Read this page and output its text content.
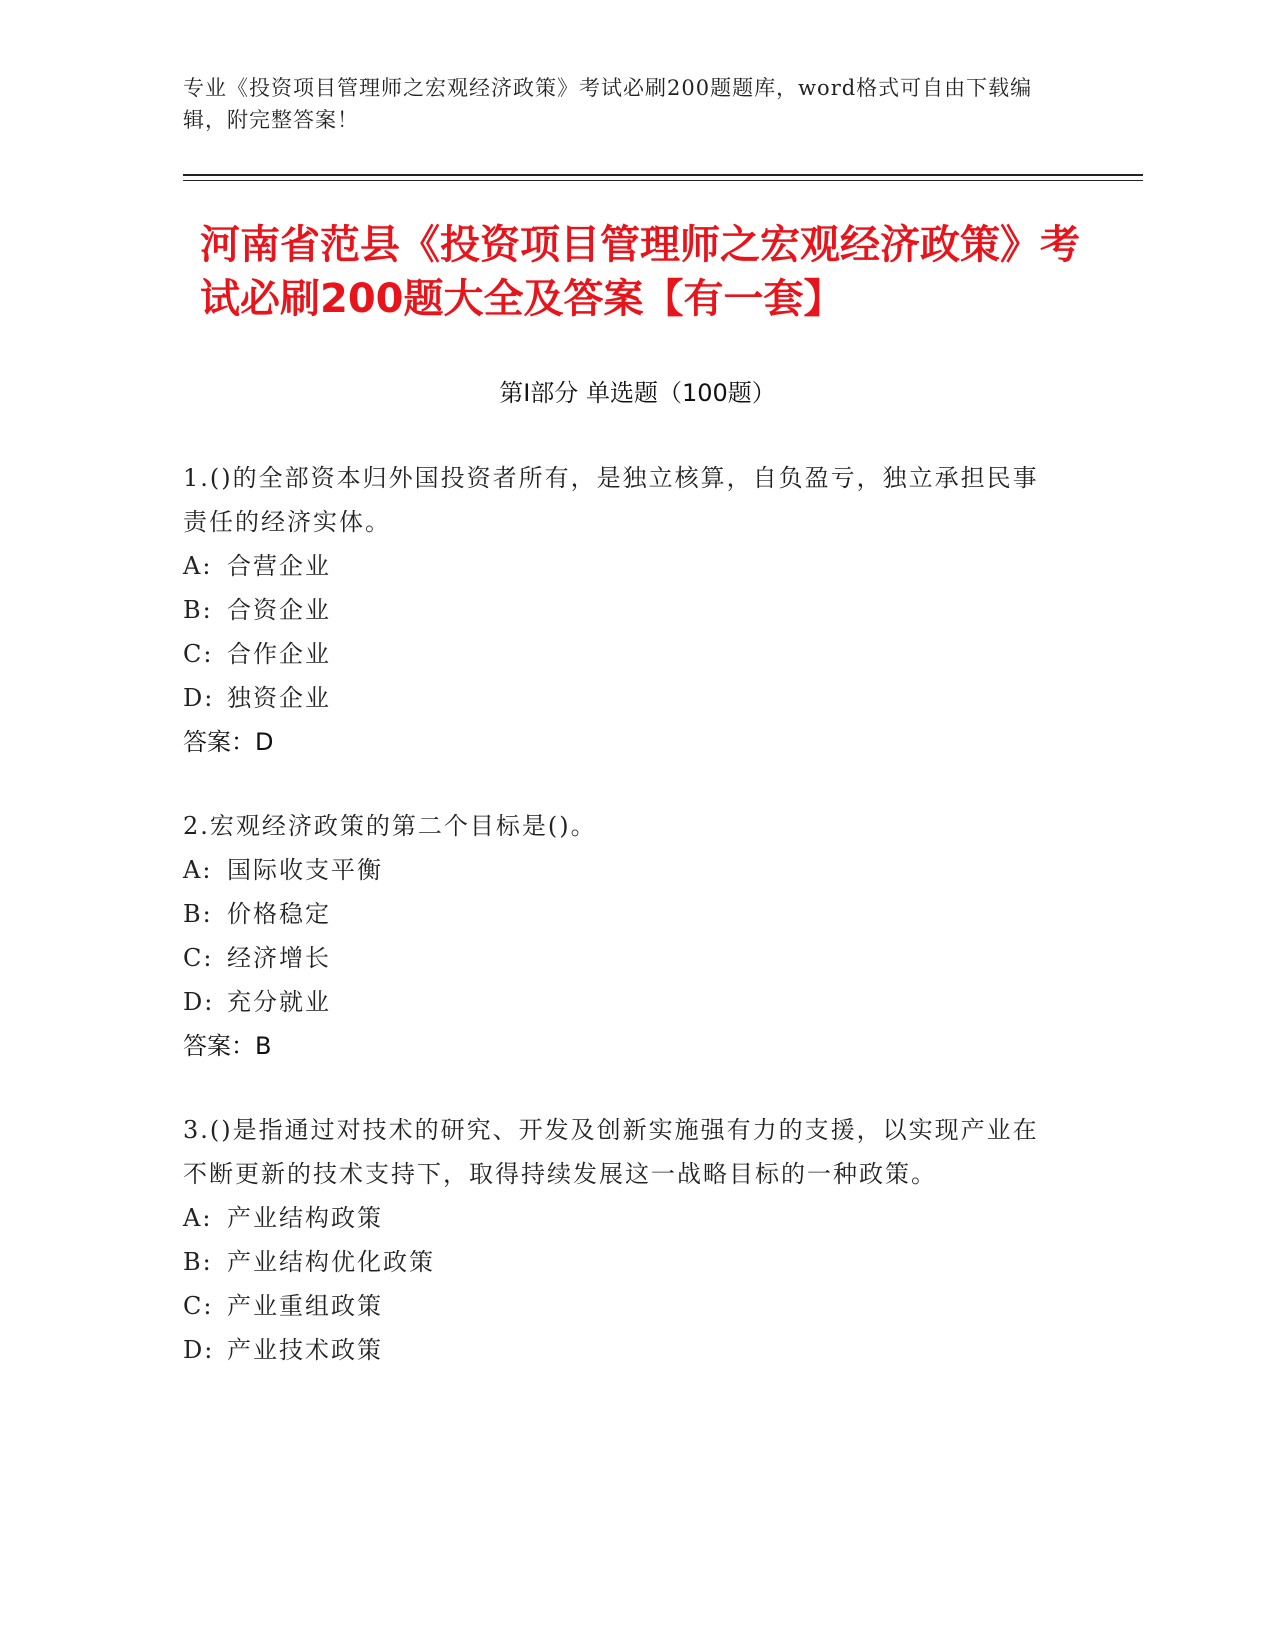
专业《投资项目管理师之宏观经济政策》考试必刷200题题库，word格式可自由下载编辑，附完整答案！
河南省范县《投资项目管理师之宏观经济政策》考试必刷200题大全及答案【有一套】
第I部分 单选题（100题）
1.()的全部资本归外国投资者所有，是独立核算，自负盈亏，独立承担民事责任的经济实体。
A: 合营企业
B: 合资企业
C: 合作企业
D: 独资企业
答案：D
2.宏观经济政策的第二个目标是()。
A: 国际收支平衡
B: 价格稳定
C: 经济增长
D: 充分就业
答案：B
3.()是指通过对技术的研究、开发及创新实施强有力的支援，以实现产业在不断更新的技术支持下，取得持续发展这一战略目标的一种政策。
A: 产业结构政策
B: 产业结构优化政策
C: 产业重组政策
D: 产业技术政策
